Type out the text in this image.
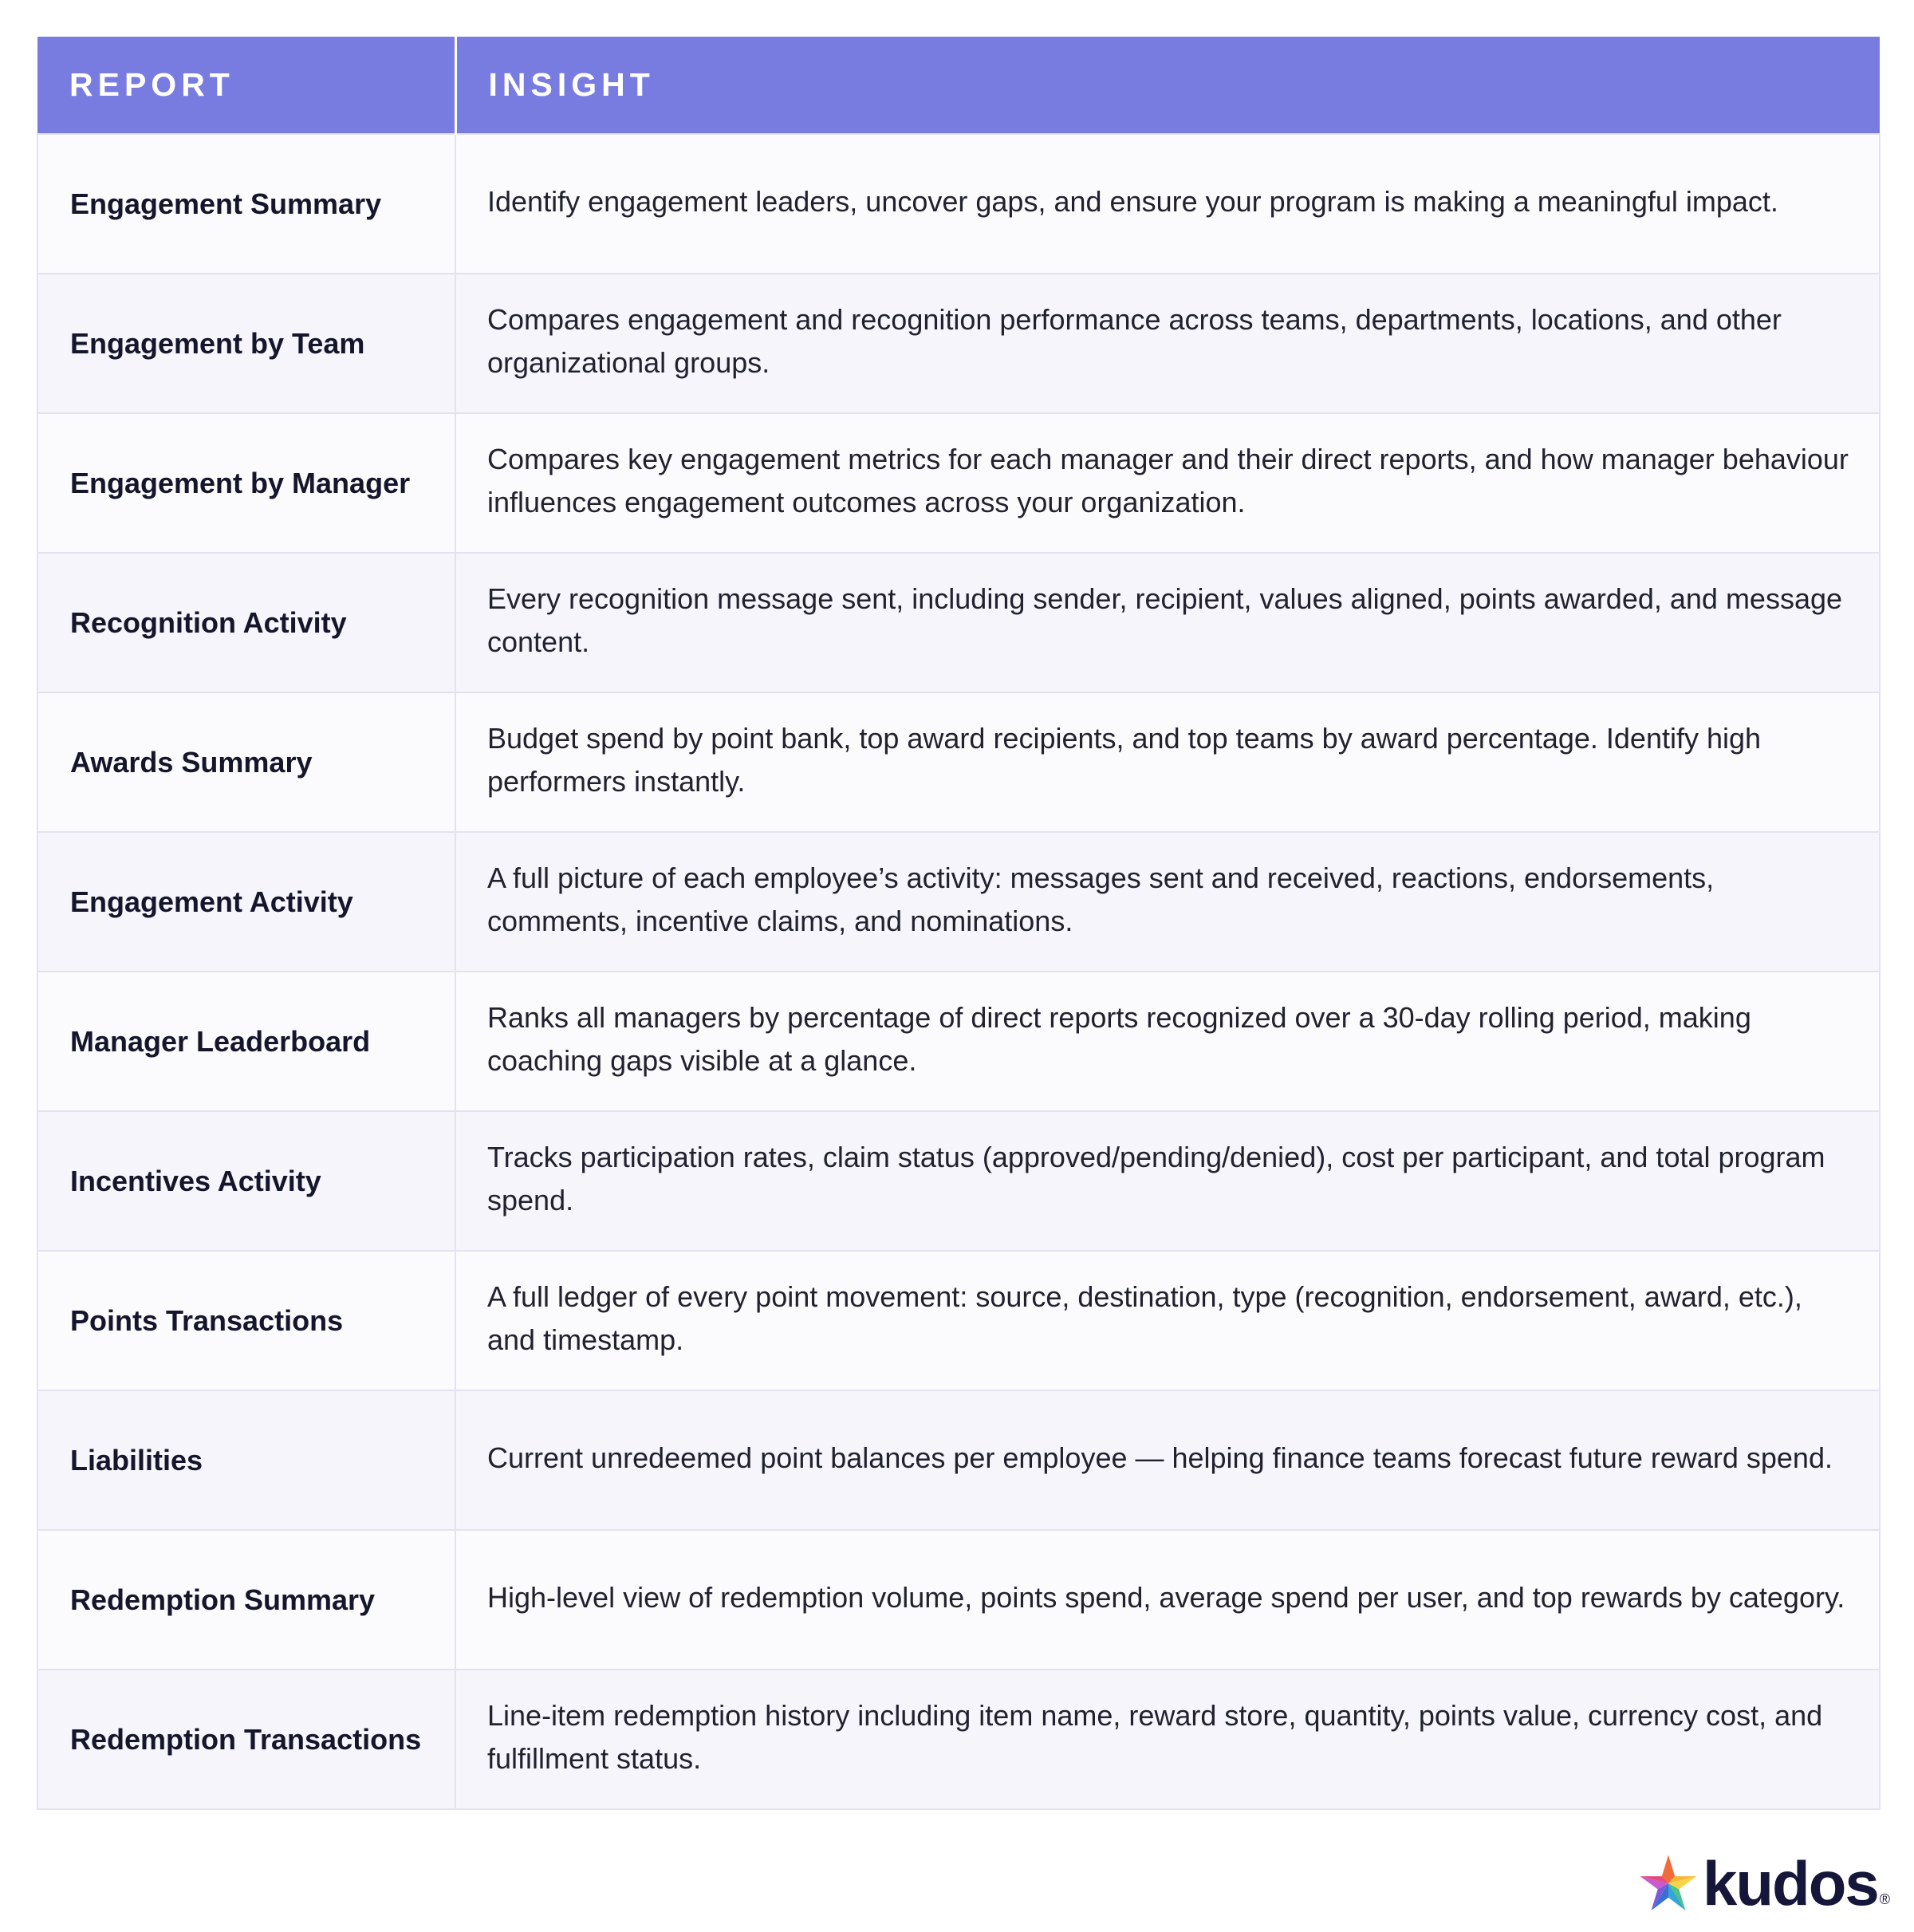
REPORT	INSIGHT
Engagement Summary	Identify engagement leaders, uncover gaps, and ensure your program is making a meaningful impact.
Engagement by Team	Compares engagement and recognition performance across teams, departments, locations, and other organizational groups.
Engagement by Manager	Compares key engagement metrics for each manager and their direct reports, and how manager behaviour influences engagement outcomes across your organization.
Recognition Activity	Every recognition message sent, including sender, recipient, values aligned, points awarded, and message content.
Awards Summary	Budget spend by point bank, top award recipients, and top teams by award percentage. Identify high performers instantly.
Engagement Activity	A full picture of each employee’s activity: messages sent and received, reactions, endorsements, comments, incentive claims, and nominations.
Manager Leaderboard	Ranks all managers by percentage of direct reports recognized over a 30-day rolling period, making coaching gaps visible at a glance.
Incentives Activity	Tracks participation rates, claim status (approved/pending/denied), cost per participant, and total program spend.
Points Transactions	A full ledger of every point movement: source, destination, type (recognition, endorsement, award, etc.), and timestamp.
Liabilities	Current unredeemed point balances per employee — helping finance teams forecast future reward spend.
Redemption Summary	High-level view of redemption volume, points spend, average spend per user, and top rewards by category.
Redemption Transactions	Line-item redemption history including item name, reward store, quantity, points value, currency cost, and fulfillment status.
kudos ®
